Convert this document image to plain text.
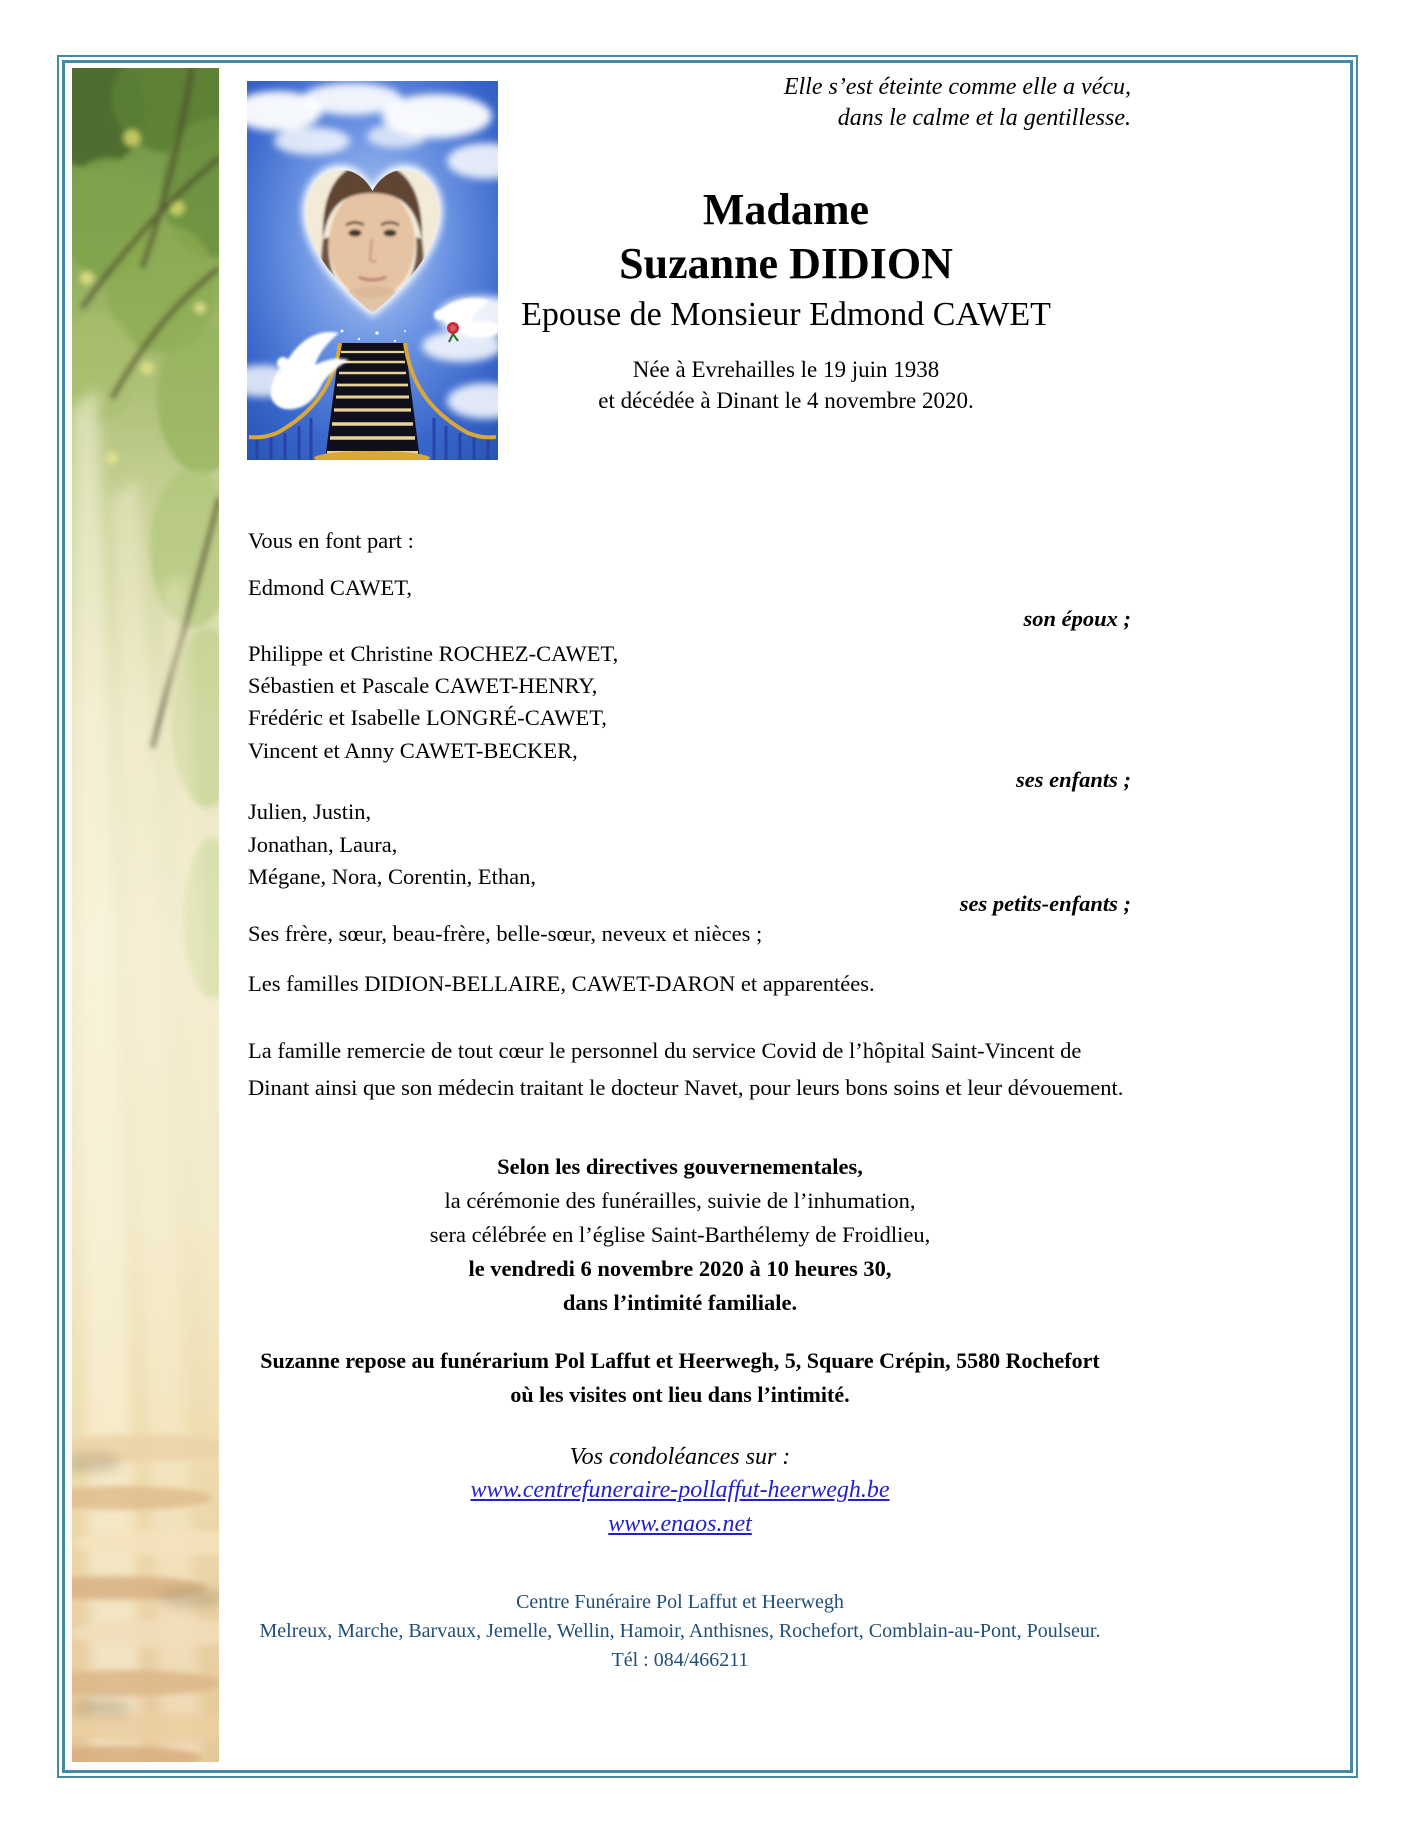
Elle s’est éteinte comme elle a vécu,
dans le calme et la gentillesse.
Madame
Suzanne DIDION
Epouse de Monsieur Edmond CAWET
Née à Evrehailles le 19 juin 1938
et décédée à Dinant le 4 novembre 2020.
Vous en font part :
Edmond CAWET,
son époux ;
Philippe et Christine ROCHEZ-CAWET,
Sébastien et Pascale CAWET-HENRY,
Frédéric et Isabelle LONGRÉ-CAWET,
Vincent et Anny CAWET-BECKER,
ses enfants ;
Julien, Justin,
Jonathan, Laura,
Mégane, Nora, Corentin, Ethan,
ses petits-enfants ;
Ses frère, sœur, beau-frère, belle-sœur, neveux et nièces ;
Les familles DIDION-BELLAIRE, CAWET-DARON et apparentées.
La famille remercie de tout cœur le personnel du service Covid de l’hôpital Saint-Vincent de Dinant ainsi que son médecin traitant le docteur Navet, pour leurs bons soins et leur dévouement.
Selon les directives gouvernementales,
la cérémonie des funérailles, suivie de l’inhumation,
sera célébrée en l’église Saint-Barthélemy de Froidlieu,
le vendredi 6 novembre 2020 à 10 heures 30,
dans l’intimité familiale.
Suzanne repose au funérarium Pol Laffut et Heerwegh, 5, Square Crépin, 5580 Rochefort
où les visites ont lieu dans l’intimité.
Vos condoléances sur :
www.centrefuneraire-pollaffut-heerwegh.be
www.enaos.net
Centre Funéraire Pol Laffut et Heerwegh
Melreux, Marche, Barvaux, Jemelle, Wellin, Hamoir, Anthisnes, Rochefort, Comblain-au-Pont, Poulseur.
Tél : 084/466211
